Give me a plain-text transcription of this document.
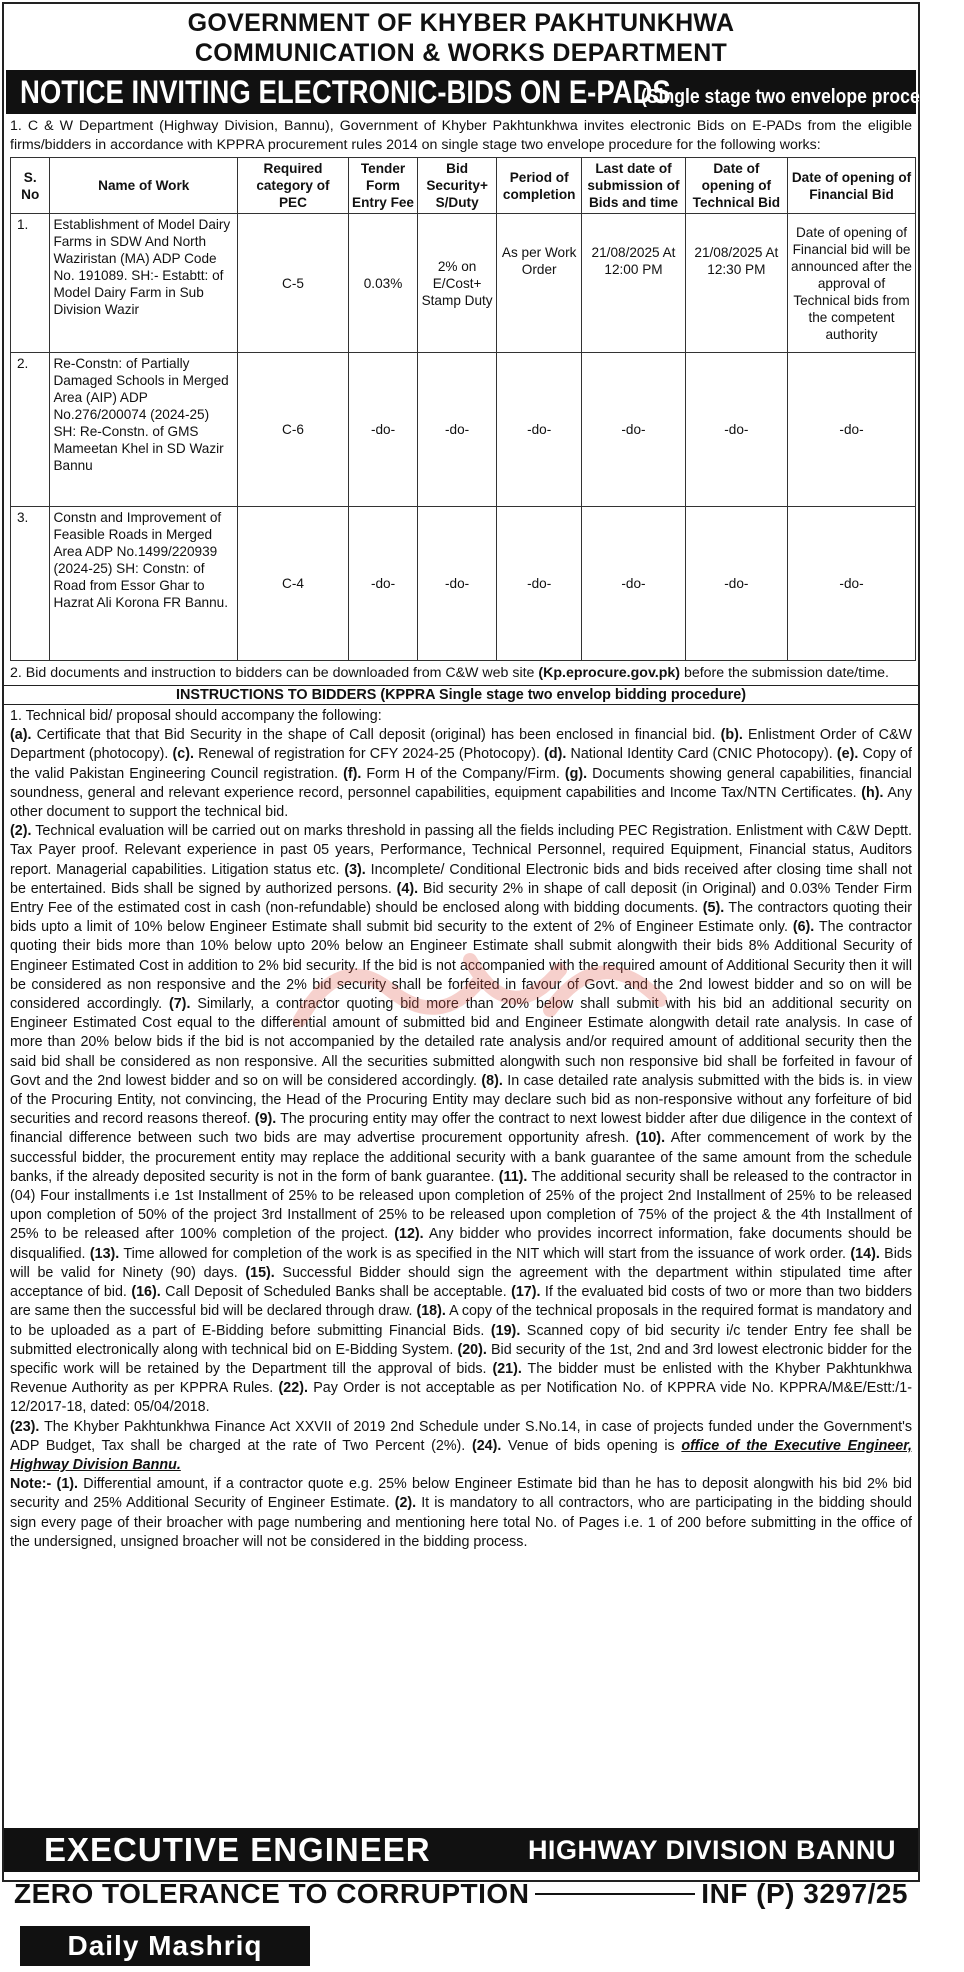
GOVERNMENT OF KHYBER PAKHTUNKHWA
COMMUNICATION & WORKS DEPARTMENT
NOTICE INVITING ELECTRONIC-BIDS ON E-PADS
(Single stage two envelope procedure)
1. C & W Department (Highway Division, Bannu), Government of Khyber Pakhtunkhwa invites electronic Bids on E-PADs from the eligible firms/bidders in accordance with KPPRA procurement rules 2014 on single stage two envelope procedure for the following works:
S. No	Name of Work	Required category of PEC	Tender Form Entry Fee	Bid Security+ S/Duty	Period of completion	Last date of submission of Bids and time	Date of opening of Technical Bid	Date of opening of Financial Bid
1.	Establishment of Model Dairy Farms in SDW And North Waziristan (MA) ADP Code No. 191089. SH:- Estabtt: of Model Dairy Farm in Sub Division Wazir	C-5	0.03%	2% on E/Cost+ Stamp Duty	As per Work Order	21/08/2025 At 12:00 PM	21/08/2025 At 12:30 PM	Date of opening of Financial bid will be announced after the approval of Technical bids from the competent authority
2.	Re-Constn: of Partially Damaged Schools in Merged Area (AIP) ADP No.276/200074 (2024-25) SH: Re-Constn. of GMS Mameetan Khel in SD Wazir Bannu	C-6	-do-	-do-	-do-	-do-	-do-	-do-
3.	Constn and Improvement of Feasible Roads in Merged Area ADP No.1499/220939 (2024-25) SH: Constn: of Road from Essor Ghar to Hazrat Ali Korona FR Bannu.	C-4	-do-	-do-	-do-	-do-	-do-	-do-
2. Bid documents and instruction to bidders can be downloaded from C&W web site (Kp.eprocure.gov.pk) before the submission date/time.
INSTRUCTIONS TO BIDDERS (KPPRA Single stage two envelop bidding procedure)
1. Technical bid/ proposal should accompany the following:
(a). Certificate that that Bid Security in the shape of Call deposit (original) has been enclosed in financial bid. (b). Enlistment Order of C&W Department (photocopy). (c). Renewal of registration for CFY 2024-25 (Photocopy). (d). National Identity Card (CNIC Photocopy). (e). Copy of the valid Pakistan Engineering Council registration. (f). Form H of the Company/Firm. (g). Documents showing general capabilities, financial soundness, general and relevant experience record, personnel capabilities, equipment capabilities and Income Tax/NTN Certificates. (h). Any other document to support the technical bid.
(2). Technical evaluation will be carried out on marks threshold in passing all the fields including PEC Registration. Enlistment with C&W Deptt. Tax Payer proof. Relevant experience in past 05 years, Performance, Technical Personnel, required Equipment, Financial status, Auditors report. Managerial capabilities. Litigation status etc. (3). Incomplete/ Conditional Electronic bids and bids received after closing time shall not be entertained. Bids shall be signed by authorized persons. (4). Bid security 2% in shape of call deposit (in Original) and 0.03% Tender Firm Entry Fee of the estimated cost in cash (non-refundable) should be enclosed along with bidding documents. (5). The contractors quoting their bids upto a limit of 10% below Engineer Estimate shall submit bid security to the extent of 2% of Engineer Estimate only. (6). The contractor quoting their bids more than 10% below upto 20% below an Engineer Estimate shall submit alongwith their bids 8% Additional Security of Engineer Estimated Cost in addition to 2% bid security. If the bid is not accompanied with the required amount of Additional Security then it will be considered as non responsive and the 2% bid security shall be forfeited in favour of Govt. and the 2nd lowest bidder and so on will be considered accordingly. (7). Similarly, a contractor quoting bid more than 20% below shall submit with his bid an additional security on Engineer Estimated Cost equal to the differential amount of submitted bid and Engineer Estimate alongwith detail rate analysis. In case of more than 20% below bids if the bid is not accompanied by the detailed rate analysis and/or required amount of additional security then the said bid shall be considered as non responsive. All the securities submitted alongwith such non responsive bid shall be forfeited in favour of Govt and the 2nd lowest bidder and so on will be considered accordingly. (8). In case detailed rate analysis submitted with the bids is. in view of the Procuring Entity, not convincing, the Head of the Procuring Entity may declare such bid as non-responsive without any forfeiture of bid securities and record reasons thereof. (9). The procuring entity may offer the contract to next lowest bidder after due diligence in the context of financial difference between such two bids are may advertise procurement opportunity afresh. (10). After commencement of work by the successful bidder, the procurement entity may replace the additional security with a bank guarantee of the same amount from the schedule banks, if the already deposited security is not in the form of bank guarantee. (11). The additional security shall be released to the contractor in (04) Four installments i.e 1st Installment of 25% to be released upon completion of 25% of the project 2nd Installment of 25% to be released upon completion of 50% of the project 3rd Installment of 25% to be released upon completion of 75% of the project & the 4th Installment of 25% to be released after 100% completion of the project. (12). Any bidder who provides incorrect information, fake documents should be disqualified. (13). Time allowed for completion of the work is as specified in the NIT which will start from the issuance of work order. (14). Bids will be valid for Ninety (90) days. (15). Successful Bidder should sign the agreement with the department within stipulated time after acceptance of bid. (16). Call Deposit of Scheduled Banks shall be acceptable. (17). If the evaluated bid costs of two or more than two bidders are same then the successful bid will be declared through draw. (18). A copy of the technical proposals in the required format is mandatory and to be uploaded as a part of E-Bidding before submitting Financial Bids. (19). Scanned copy of bid security i/c tender Entry fee shall be submitted electronically along with technical bid on E-Bidding System. (20). Bid security of the 1st, 2nd and 3rd lowest electronic bidder for the specific work will be retained by the Department till the approval of bids. (21). The bidder must be enlisted with the Khyber Pakhtunkhwa Revenue Authority as per KPPRA Rules. (22). Pay Order is not acceptable as per Notification No. of KPPRA vide No. KPPRA/M&E/Estt:/1-12/2017-18, dated: 05/04/2018.
(23). The Khyber Pakhtunkhwa Finance Act XXVII of 2019 2nd Schedule under S.No.14, in case of projects funded under the Government's ADP Budget, Tax shall be charged at the rate of Two Percent (2%). (24). Venue of bids opening is office of the Executive Engineer, Highway Division Bannu.
Note:- (1). Differential amount, if a contractor quote e.g. 25% below Engineer Estimate bid than he has to deposit alongwith his bid 2% bid security and 25% Additional Security of Engineer Estimate. (2). It is mandatory to all contractors, who are participating in the bidding should sign every page of their broacher with page numbering and mentioning here total No. of Pages i.e. 1 of 200 before submitting in the office of the undersigned, unsigned broacher will not be considered in the bidding process.
EXECUTIVE ENGINEER	HIGHWAY DIVISION BANNU
ZERO TOLERANCE TO CORRUPTION	INF (P) 3297/25
Daily Mashriq
